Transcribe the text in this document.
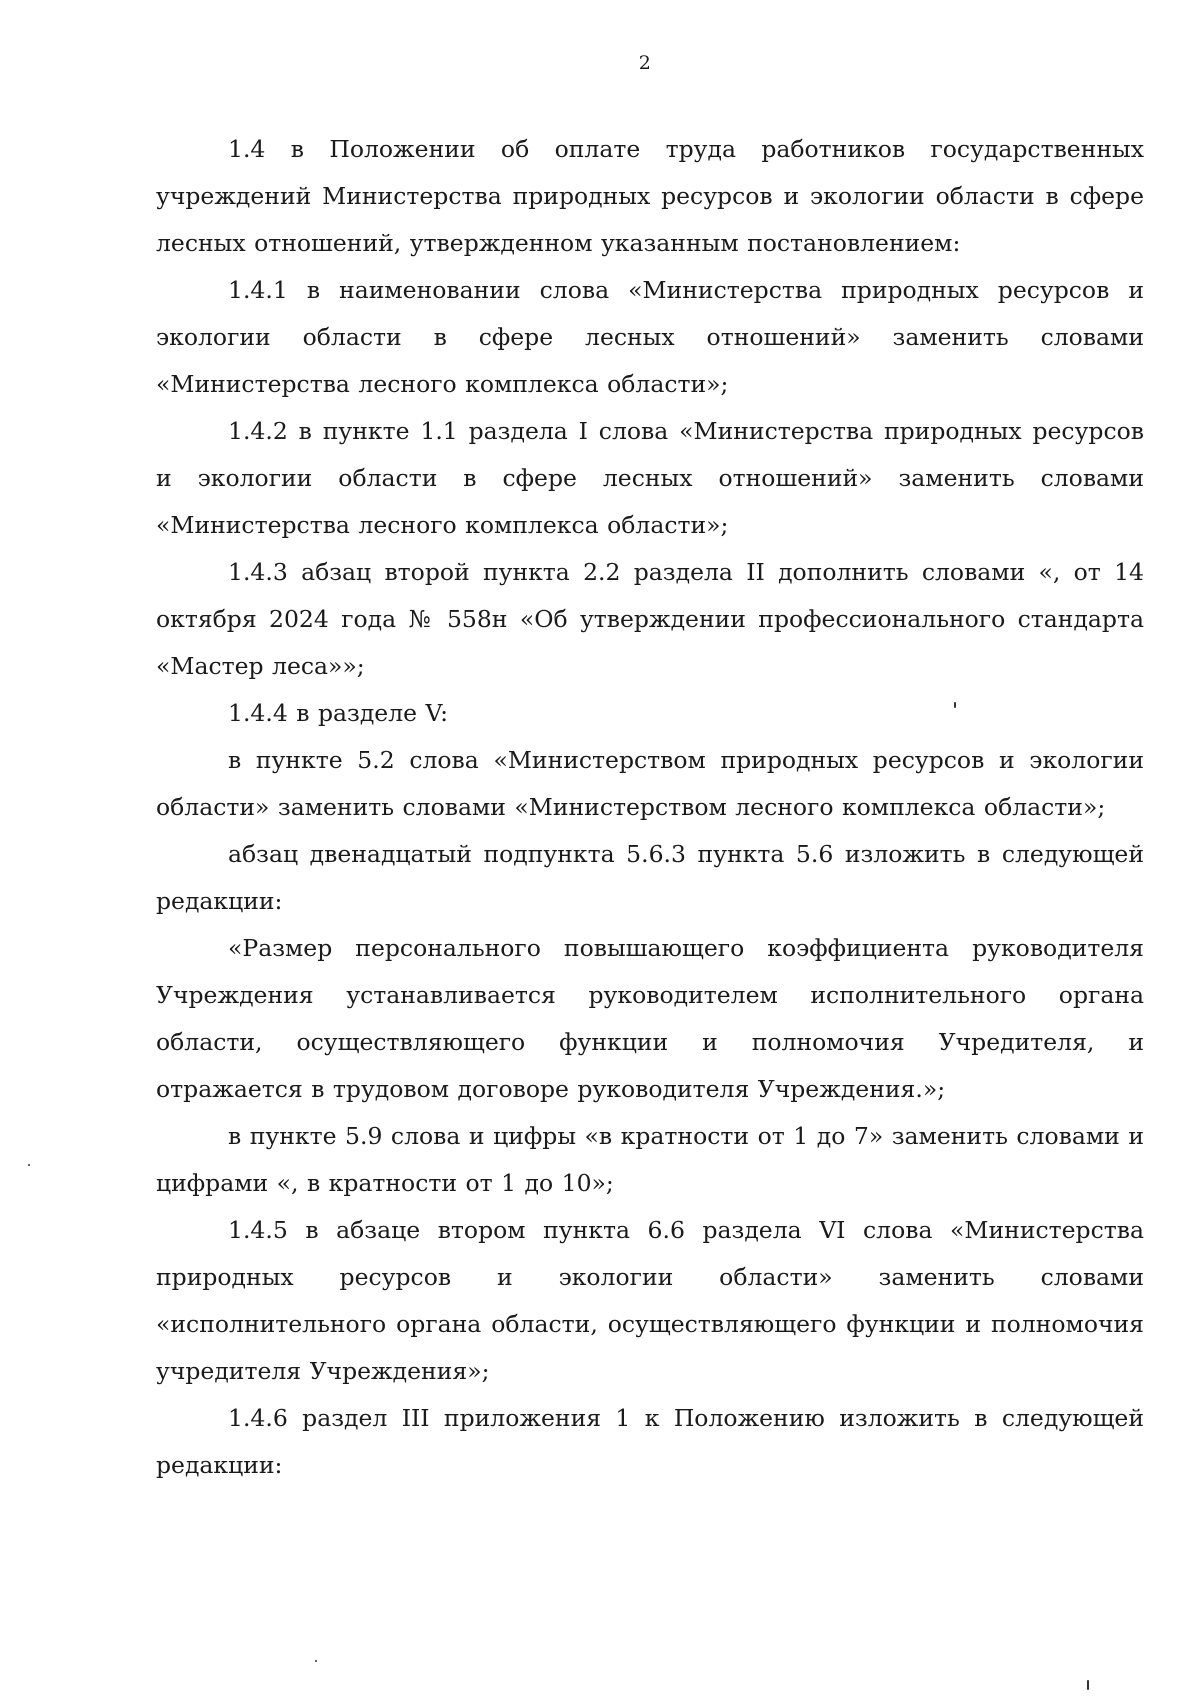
2

1.4 в Положении об оплате труда работников государственных учреждений Министерства природных ресурсов и экологии области в сфере лесных отношений, утвержденном указанным постановлением:

1.4.1 в наименовании слова «Министерства природных ресурсов и экологии области в сфере лесных отношений» заменить словами «Министерства лесного комплекса области»;

1.4.2 в пункте 1.1 раздела I слова «Министерства природных ресурсов и экологии области в сфере лесных отношений» заменить словами «Министерства лесного комплекса области»;

1.4.3 абзац второй пункта 2.2 раздела II дополнить словами «, от 14 октября 2024 года № 558н «Об утверждении профессионального стандарта «Мастер леса»»;

1.4.4 в разделе V:

в пункте 5.2 слова «Министерством природных ресурсов и экологии области» заменить словами «Министерством лесного комплекса области»;

абзац двенадцатый подпункта 5.6.3 пункта 5.6 изложить в следующей редакции:

«Размер персонального повышающего коэффициента руководителя Учреждения устанавливается руководителем исполнительного органа области, осуществляющего функции и полномочия Учредителя, и отражается в трудовом договоре руководителя Учреждения.»;

в пункте 5.9 слова и цифры «в кратности от 1 до 7» заменить словами и цифрами «, в кратности от 1 до 10»;

1.4.5 в абзаце втором пункта 6.6 раздела VI слова «Министерства природных ресурсов и экологии области» заменить словами «исполнительного органа области, осуществляющего функции и полномочия учредителя Учреждения»;

1.4.6 раздел III приложения 1 к Положению изложить в следующей редакции:
